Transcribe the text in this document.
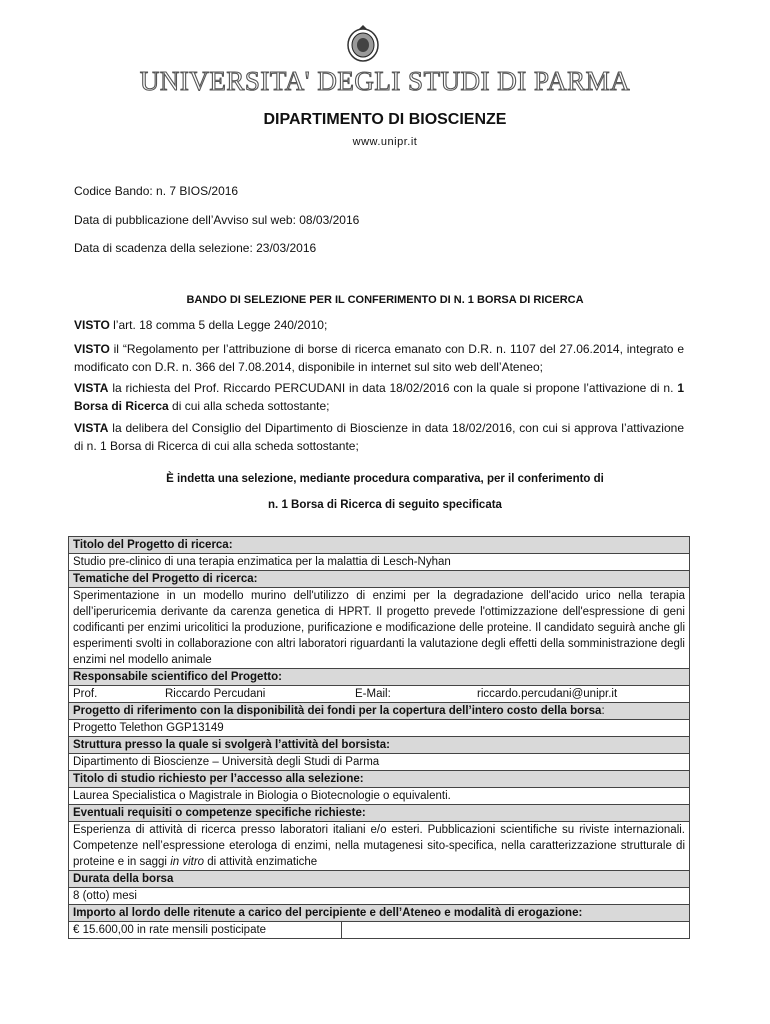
UNIVERSITA' DEGLI STUDI DI PARMA
DIPARTIMENTO DI BIOSCIENZE
www.unipr.it
Codice Bando: n. 7 BIOS/2016
Data di pubblicazione dell’Avviso sul web: 08/03/2016
Data di scadenza della selezione: 23/03/2016
BANDO DI SELEZIONE PER IL CONFERIMENTO DI N. 1 BORSA DI RICERCA
VISTO l’art. 18 comma 5 della Legge 240/2010;
VISTO il “Regolamento per l’attribuzione di borse di ricerca emanato con D.R. n. 1107 del 27.06.2014, integrato e modificato con D.R. n. 366 del 7.08.2014, disponibile in internet sul sito web dell’Ateneo;
VISTA la richiesta del Prof. Riccardo PERCUDANI in data 18/02/2016 con la quale si propone l’attivazione di n. 1 Borsa di Ricerca di cui alla scheda sottostante;
VISTA la delibera del Consiglio del Dipartimento di Bioscienze in data 18/02/2016, con cui si approva l’attivazione di n. 1 Borsa di Ricerca di cui alla scheda sottostante;
È indetta una selezione, mediante procedura comparativa, per il conferimento di
n. 1 Borsa di Ricerca di seguito specificata
Titolo del Progetto di ricerca:
Studio pre-clinico di una terapia enzimatica per la malattia di Lesch-Nyhan
Tematiche del Progetto di ricerca:
Sperimentazione in un modello murino dell'utilizzo di enzimi per la degradazione dell'acido urico nella terapia dell’iperuricemia derivante da carenza genetica di HPRT. Il progetto prevede l'ottimizzazione dell'espressione di geni codificanti per enzimi uricolitici la produzione, purificazione e modificazione delle proteine. Il candidato seguirà anche gli esperimenti svolti in collaborazione con altri laboratori riguardanti la valutazione degli effetti della somministrazione degli enzimi nel modello animale
Responsabile scientifico del Progetto:
Prof.	Riccardo Percudani	E-Mail:	riccardo.percudani@unipr.it
Progetto di riferimento con la disponibilità dei fondi per la copertura dell’intero costo della borsa:
Progetto Telethon GGP13149
Struttura presso la quale si svolgerà l’attività del borsista:
Dipartimento di Bioscienze – Università degli Studi di Parma
Titolo di studio richiesto per l’accesso alla selezione:
Laurea Specialistica o Magistrale in Biologia o Biotecnologie o equivalenti.
Eventuali requisiti o competenze specifiche richieste:
Esperienza di attività di ricerca presso laboratori italiani e/o esteri. Pubblicazioni scientifiche su riviste internazionali. Competenze nell’espressione eterologa di enzimi, nella mutagenesi sito-specifica, nella caratterizzazione strutturale di proteine e in saggi in vitro di attività enzimatiche
Durata della borsa
8 (otto) mesi
Importo al lordo delle ritenute a carico del percipiente e dell’Ateneo e modalità di erogazione:
€ 15.600,00 in rate mensili posticipate	
